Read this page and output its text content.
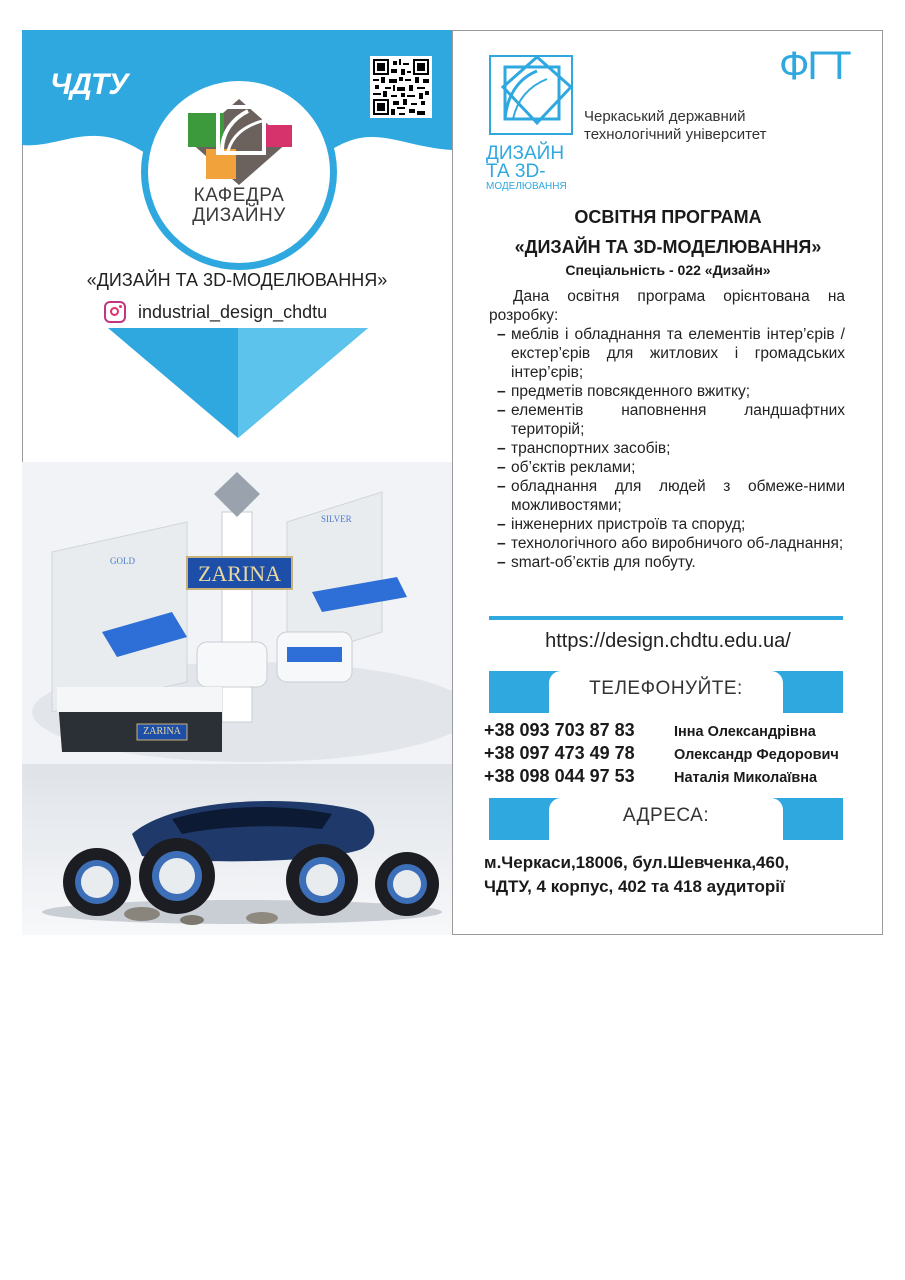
ЧДТУ
КАФЕДРА
ДИЗАЙНУ
«ДИЗАЙН ТА 3D-МОДЕЛЮВАННЯ»
industrial_design_chdtu
GOLD
SILVER
ZARINA
ZARINA
ДИЗАЙН
ТА 3D-
МОДЕЛЮВАННЯ
ФГТ
Черкаський державний
технологічний університет
ОСВІТНЯ ПРОГРАМА
«ДИЗАЙН ТА 3D-МОДЕЛЮВАННЯ»
Спеціальність - 022 «Дизайн»
Дана освітня програма орієнтована на розробку:
– меблів і обладнання та елементів інтер’єрів / екстер’єрів для житлових і громадських інтер’єрів;
– предметів повсякденного вжитку;
– елементів наповнення ландшафтних територій;
– транспортних засобів;
– об’єктів реклами;
– обладнання для людей з обмеже-ними можливостями;
– інженерних пристроїв та споруд;
– технологічного або виробничого об-ладнання;
– smart-об’єктів для побуту.
https://design.chdtu.edu.ua/
ТЕЛЕФОНУЙТЕ:
+38 093 703 87 83	Інна Олександрівна
+38 097 473 49 78	Олександр Федорович
+38 098 044 97 53	Наталія Миколаївна
АДРЕСА:
м.Черкаси,18006, бул.Шевченка,460,
ЧДТУ, 4 корпус, 402 та 418 аудиторії
